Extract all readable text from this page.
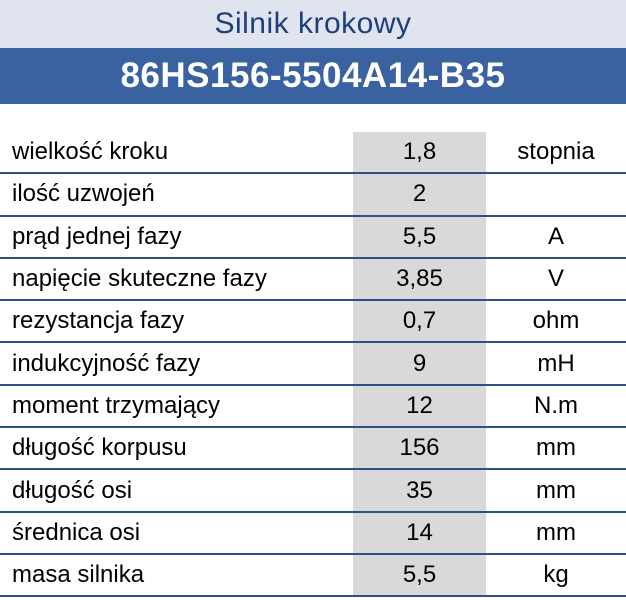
Silnik krokowy
86HS156-5504A14-B35
wielkość kroku	1,8	stopnia
ilość uzwojeń	2
prąd jednej fazy	5,5	A
napięcie skuteczne fazy	3,85	V
rezystancja fazy	0,7	ohm
indukcyjność fazy	9	mH
moment trzymający	12	N.m
długość korpusu	156	mm
długość osi	35	mm
średnica osi	14	mm
masa silnika	5,5	kg
